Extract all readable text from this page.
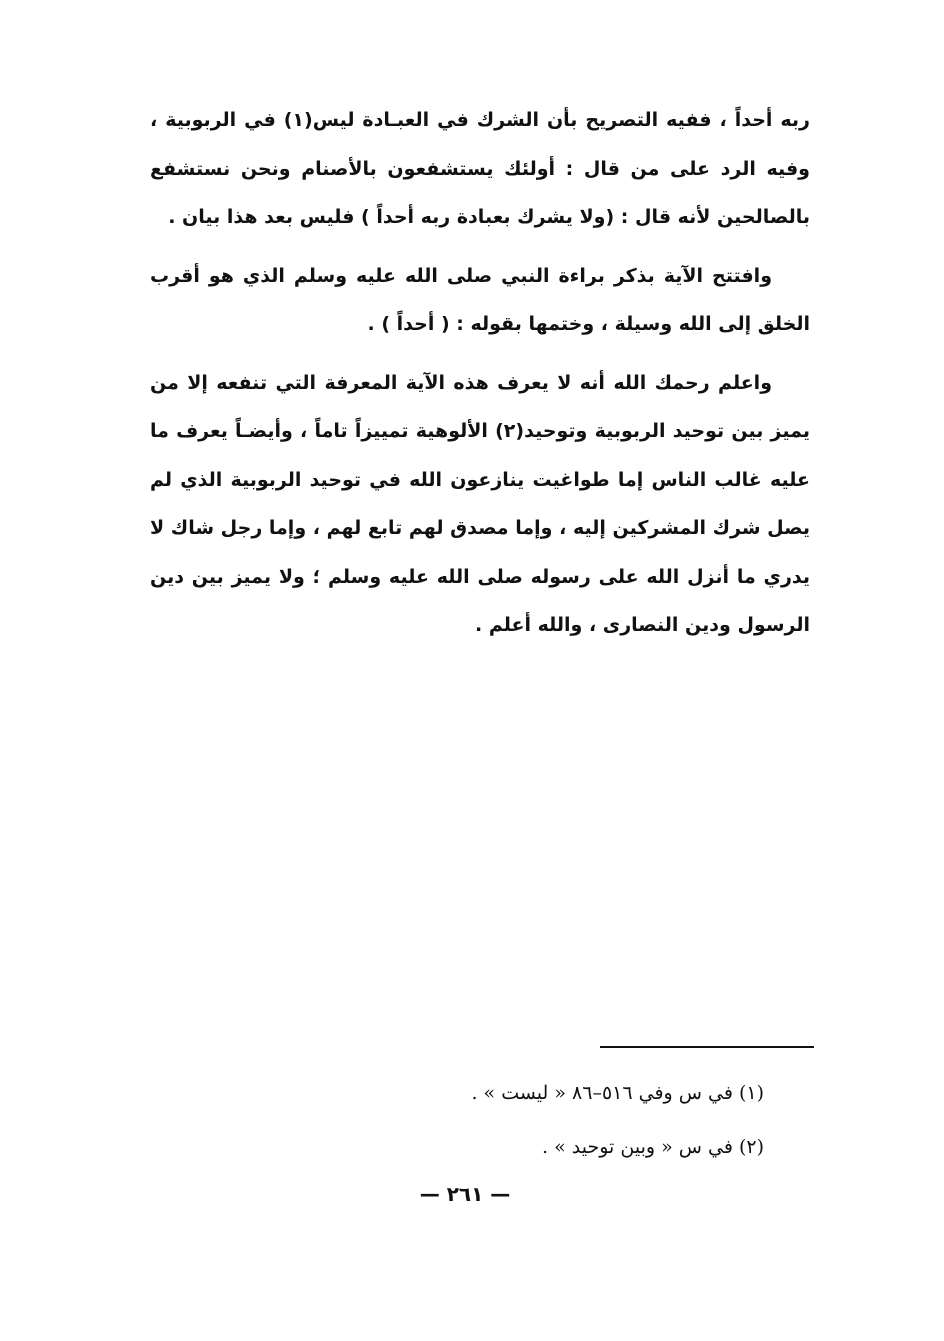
ربه أحداً ، ففيه التصريح بأن الشرك في العبـادة ليس(١) في الربوبية ، وفيه الرد على من قال : أولئك يستشفعون بالأصنام ونحن نستشفع بالصالحين لأنه قال : (ولا يشرك بعبادة ربه أحداً ) فليس بعد هذا بيان .

وافتتح الآية بذكر براءة النبي صلى الله عليه وسلم الذي هو أقرب الخلق إلى الله وسيلة ، وختمها بقوله : ( أحداً ) .

واعلم رحمك الله أنه لا يعرف هذه الآية المعرفة التي تنفعه إلا من يميز بين توحيد الربوبية وتوحيد(٢) الألوهية تمييزاً تاماً ، وأيضـاً يعرف ما عليه غالب الناس إما طواغيت ينازعون الله في توحيد الربوبية الذي لم يصل شرك المشركين إليه ، وإما مصدق لهم تابع لهم ، وإما رجل شاك لا يدري ما أنزل الله على رسوله صلى الله عليه وسلم ؛ ولا يميز بين دين الرسول ودين النصارى ، والله أعلم .

(١) في س وفي ٥١٦–٨٦ « ليست » .

(٢) في س « وبين توحيد » .

— ٢٦١ —
